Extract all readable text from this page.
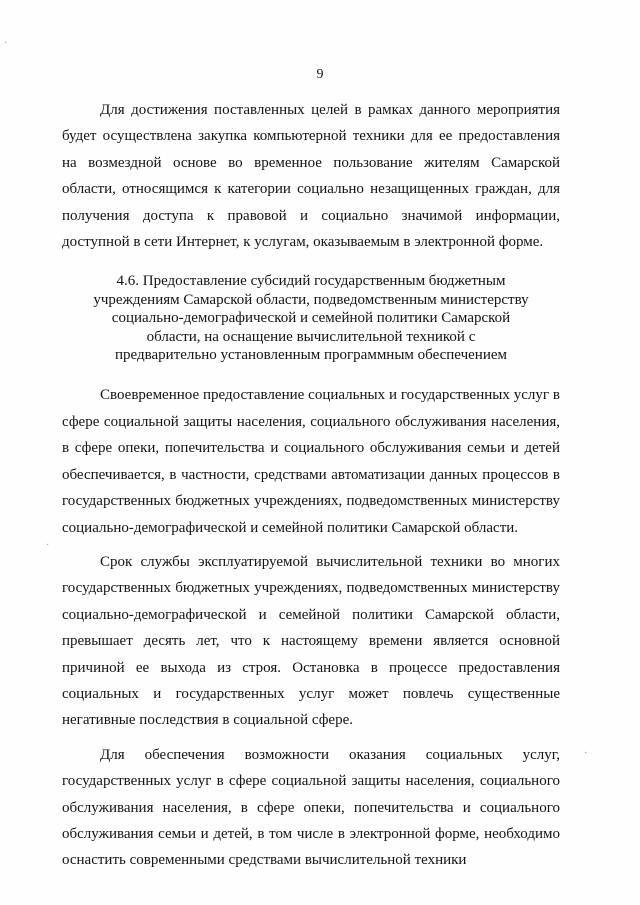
·
·
·
9

Для достижения поставленных целей в рамках данного мероприятия будет осуществлена закупка компьютерной техники для ее предоставления на возмездной основе во временное пользование жителям Самарской области, относящимся к категории социально незащищенных граждан, для получения доступа к правовой и социально значимой информации, доступной в сети Интернет, к услугам, оказываемым в электронной форме.

4.6. Предоставление субсидий государственным бюджетным
учреждениям Самарской области, подведомственным министерству
социально-демографической и семейной политики Самарской
области, на оснащение вычислительной техникой с
предварительно установленным программным обеспечением

Своевременное предоставление социальных и государственных услуг в сфере социальной защиты населения, социального обслуживания населения, в сфере опеки, попечительства и социального обслуживания семьи и детей обеспечивается, в частности, средствами автоматизации данных процессов в государственных бюджетных учреждениях, подведомственных министерству социально-демографической и семейной политики Самарской области.

Срок службы эксплуатируемой вычислительной техники во многих государственных бюджетных учреждениях, подведомственных министерству социально-демографической и семейной политики Самарской области, превышает десять лет, что к настоящему времени является основной причиной ее выхода из строя. Остановка в процессе предоставления социальных и государственных услуг может повлечь существенные негативные последствия в социальной сфере.

Для обеспечения возможности оказания социальных услуг, государственных услуг в сфере социальной защиты населения, социального обслуживания населения, в сфере опеки, попечительства и социального обслуживания семьи и детей, в том числе в электронной форме, необходимо оснастить современными средствами вычислительной техники
